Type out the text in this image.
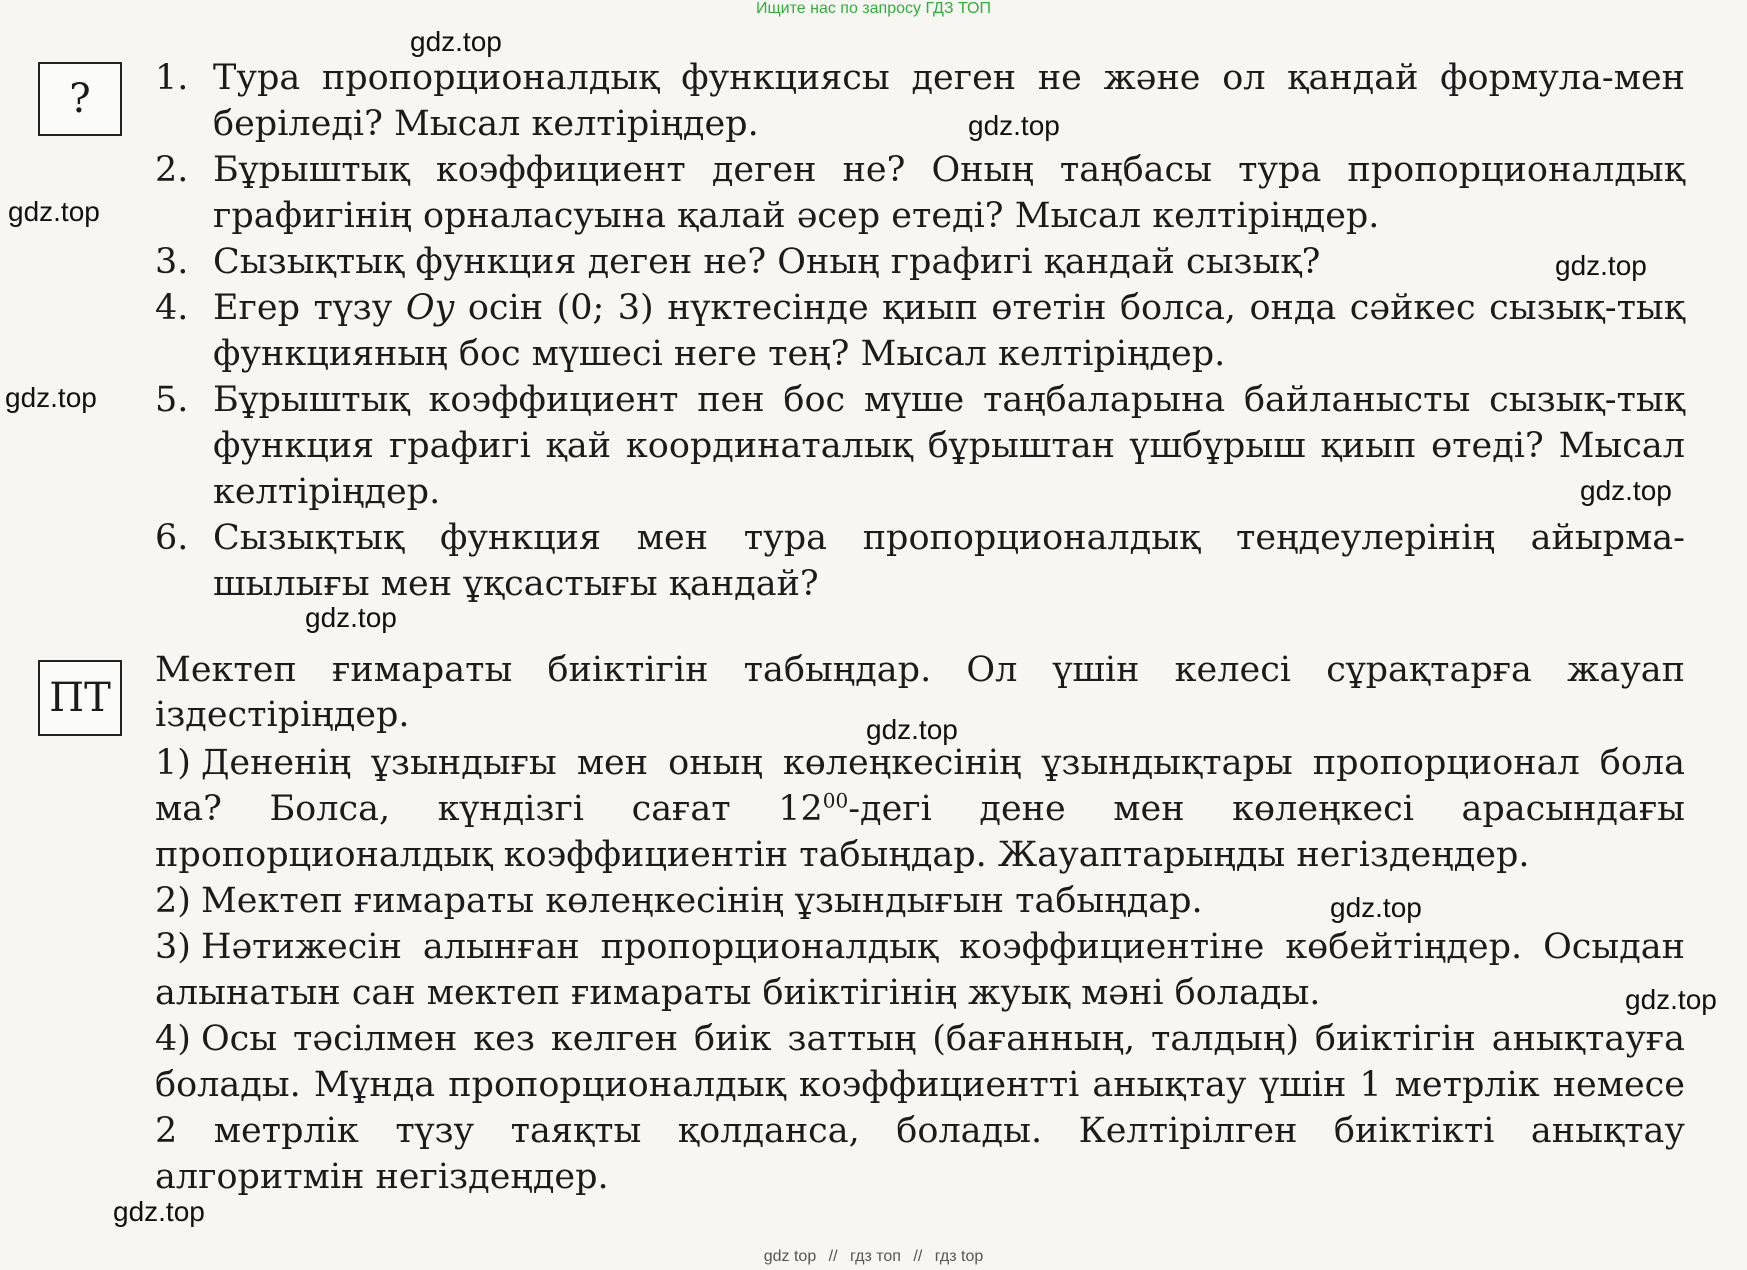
Ищите нас по запросу ГДЗ ТОП
?	1. Тура пропорционалдық функциясы деген не және ол қандай формула-мен беріледі? Мысал келтіріңдер.
2. Бұрыштық коэффициент деген не? Оның таңбасы тура пропорционалдық графигінің орналасуына қалай әсер етеді? Мысал келтіріңдер.
3. Сызықтық функция деген не? Оның графигі қандай сызық?
4. Егер түзу Oy осін (0; 3) нүктесінде қиып өтетін болса, онда сәйкес сызық-тық функцияның бос мүшесі неге тең? Мысал келтіріңдер.
5. Бұрыштық коэффициент пен бос мүше таңбаларына байланысты сызық-тық функция графигі қай координаталық бұрыштан үшбұрыш қиып өтеді? Мысал келтіріңдер.
6. Сызықтық функция мен тура пропорционалдық теңдеулерінің айырма-шылығы мен ұқсастығы қандай?
ПТ
Мектеп ғимараты биіктігін табыңдар. Ол үшін келесі сұрақтарға жауап іздестіріңдер.
1) Дененің ұзындығы мен оның көлеңкесінің ұзындықтары пропорционал бола ма? Болса, күндізгі сағат $12^{00}$-дегі дене мен көлеңкесі арасындағы пропорционалдық коэффициентін табыңдар. Жауаптарыңды негіздеңдер.
2) Мектеп ғимараты көлеңкесінің ұзындығын табыңдар.
3) Нәтижесін алынған пропорционалдық коэффициентіне көбейтіңдер. Осыдан алынатын сан мектеп ғимараты биіктігінің жуық мәні болады.
4) Осы тәсілмен кез келген биік заттың (бағанның, талдың) биіктігін анықтауға болады. Мұнда пропорционалдық коэффициентті анықтау үшін 1 метрлік немесе 2 метрлік түзу таяқты қолданса, болады. Келтірілген биіктікті анықтау алгоритмін негіздеңдер.
gdz.top
gdz.top
gdz.top
gdz.top
gdz.top
gdz.top
gdz.top
gdz.top
gdz.top
gdz.top
gdz.top
gdz top // гдз топ // гдз top
